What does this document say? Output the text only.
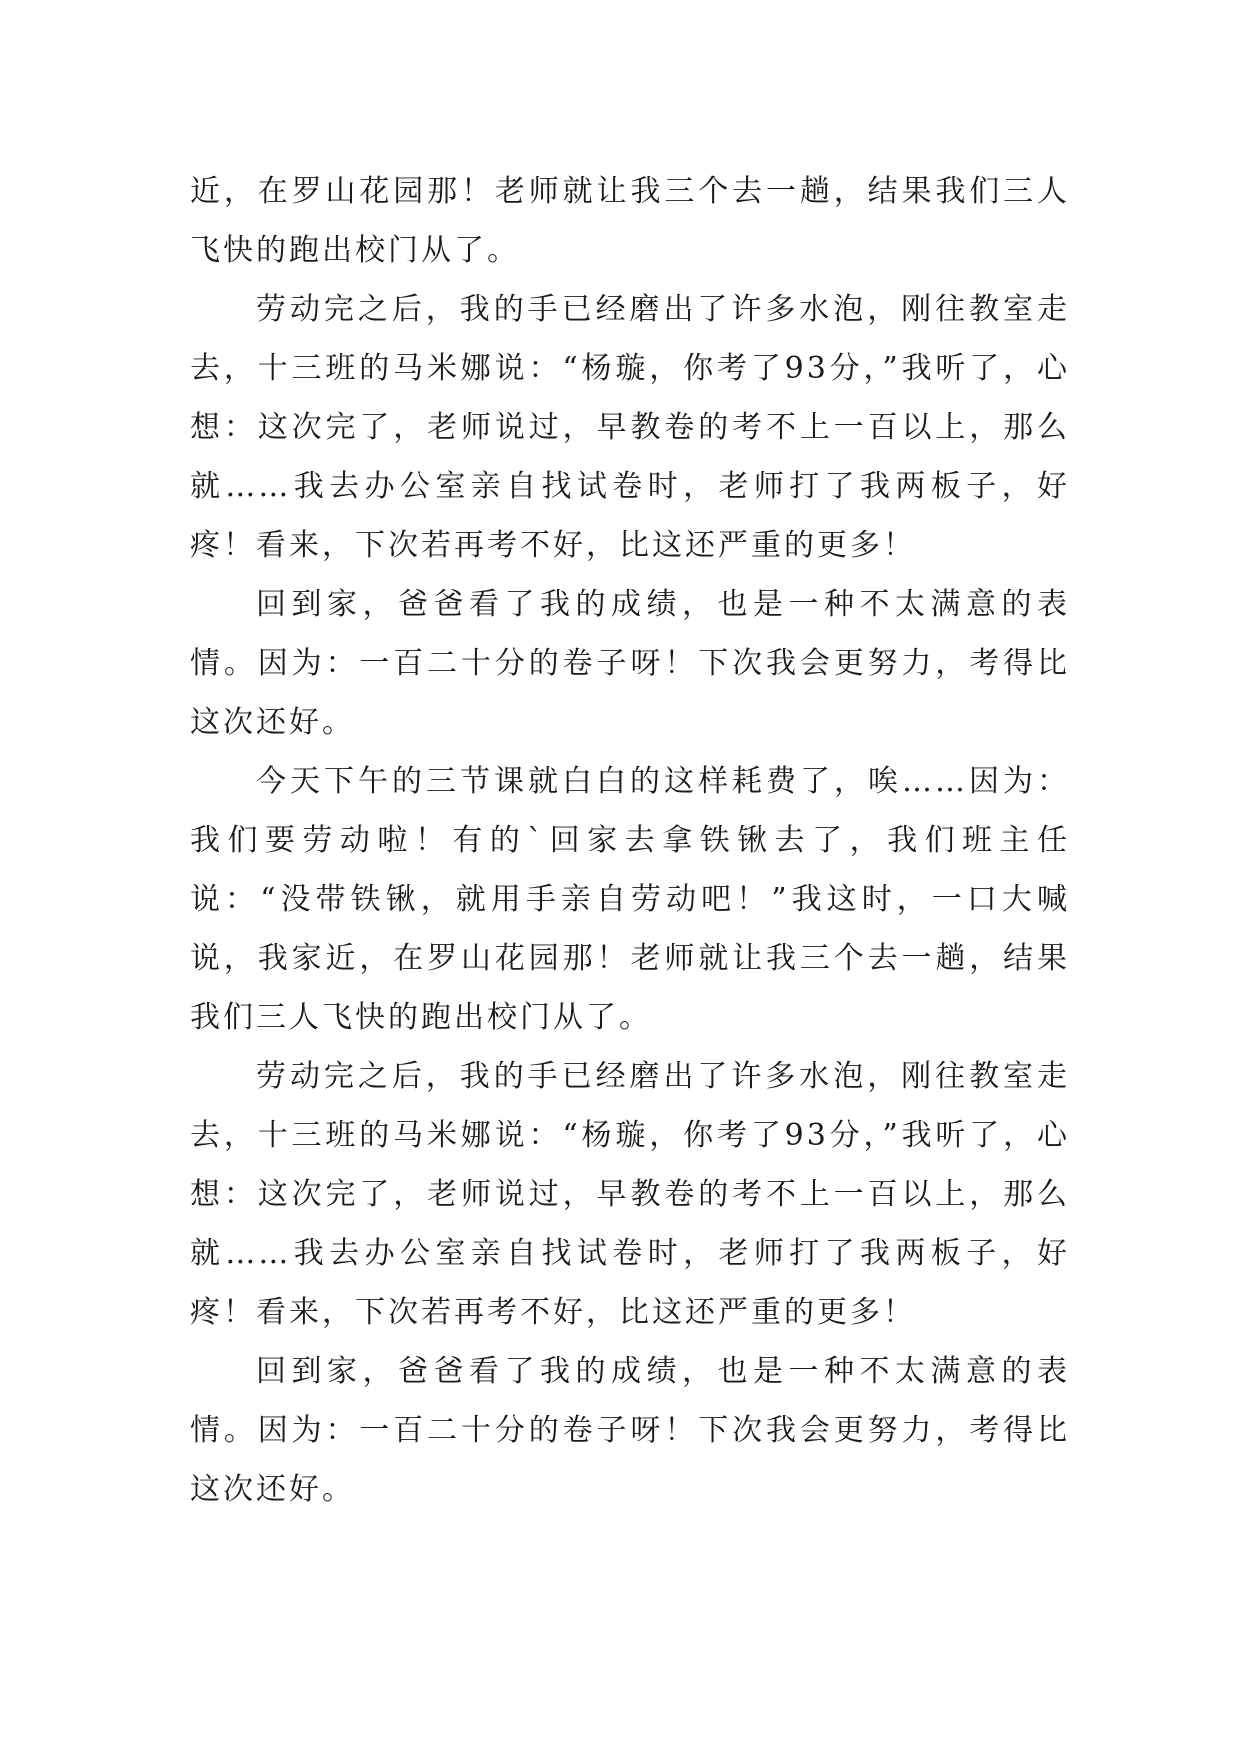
近，在罗山花园那！老师就让我三个去一趟，结果我们三人飞快的跑出校门从了。

劳动完之后，我的手已经磨出了许多水泡，刚往教室走去，十三班的马米娜说：“杨璇，你考了93分，”我听了，心想：这次完了，老师说过，早教卷的考不上一百以上，那么就……我去办公室亲自找试卷时，老师打了我两板子，好疼！看来，下次若再考不好，比这还严重的更多！

回到家，爸爸看了我的成绩，也是一种不太满意的表情。因为：一百二十分的卷子呀！下次我会更努力，考得比这次还好。

今天下午的三节课就白白的这样耗费了，唉……因为：我们要劳动啦！有的`回家去拿铁锹去了，我们班主任说：“没带铁锹，就用手亲自劳动吧！”我这时，一口大喊说，我家近，在罗山花园那！老师就让我三个去一趟，结果我们三人飞快的跑出校门从了。

劳动完之后，我的手已经磨出了许多水泡，刚往教室走去，十三班的马米娜说：“杨璇，你考了93分，”我听了，心想：这次完了，老师说过，早教卷的考不上一百以上，那么就……我去办公室亲自找试卷时，老师打了我两板子，好疼！看来，下次若再考不好，比这还严重的更多！

回到家，爸爸看了我的成绩，也是一种不太满意的表情。因为：一百二十分的卷子呀！下次我会更努力，考得比这次还好。
